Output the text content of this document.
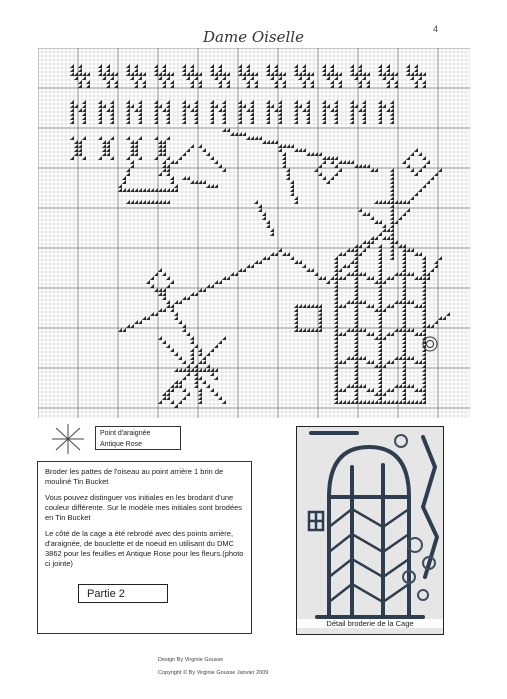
Dame Oiselle	4
Point d'araignée
Antique Rose

Broder les pattes de l'oiseau au point arrière 1 brin de mouliné Tin Bucket

Vous pouvez distinguer vos initiales en les brodant d'une couleur différente. Sur le modèle mes initiales sont brodées en Tin Bucket

Le côté de la cage a été rebrodé avec des points arrière, d'araignée, de bouclette et de noeud en utilisant du DMC 3862 pour les feuilles et Antique Rose pour les fleurs.(photo ci jointe)

Partie 2
Détail broderie de la Cage
Design By Virginie Gousse
Copyright © By Virginie Gousse Janvier 2009
